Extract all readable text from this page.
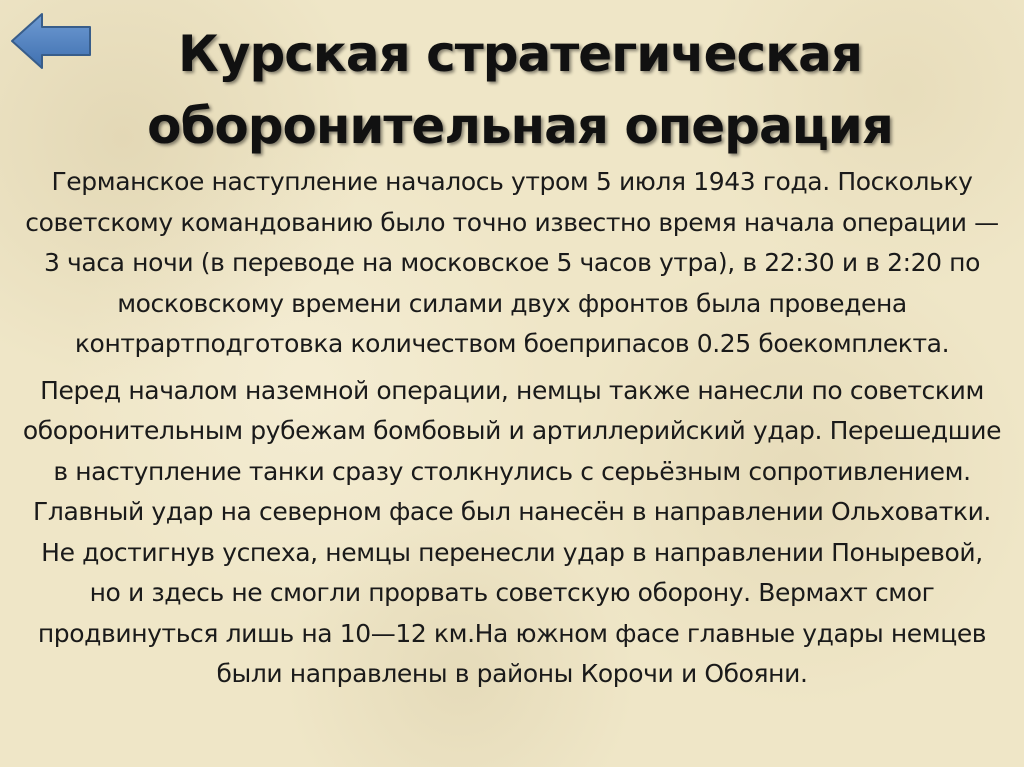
Курская стратегическая
оборонительная операция

Германское наступление началось утром 5 июля 1943 года. Поскольку советскому командованию было точно известно время начала операции — 3 часа ночи (в переводе на московское 5 часов утра), в 22:30 и в 2:20 по московскому времени силами двух фронтов была проведена контрартподготовка количеством боеприпасов 0.25 боекомплекта.

Перед началом наземной операции, немцы также нанесли по советским оборонительным рубежам бомбовый и артиллерийский удар. Перешедшие в наступление танки сразу столкнулись с серьёзным сопротивлением. Главный удар на северном фасе был нанесён в направлении Ольховатки. Не достигнув успеха, немцы перенесли удар в направлении Поныревой, но и здесь не смогли прорвать советскую оборону. Вермахт смог продвинуться лишь на 10—12 км.На южном фасе главные удары немцев были направлены в районы Корочи и Обояни.
